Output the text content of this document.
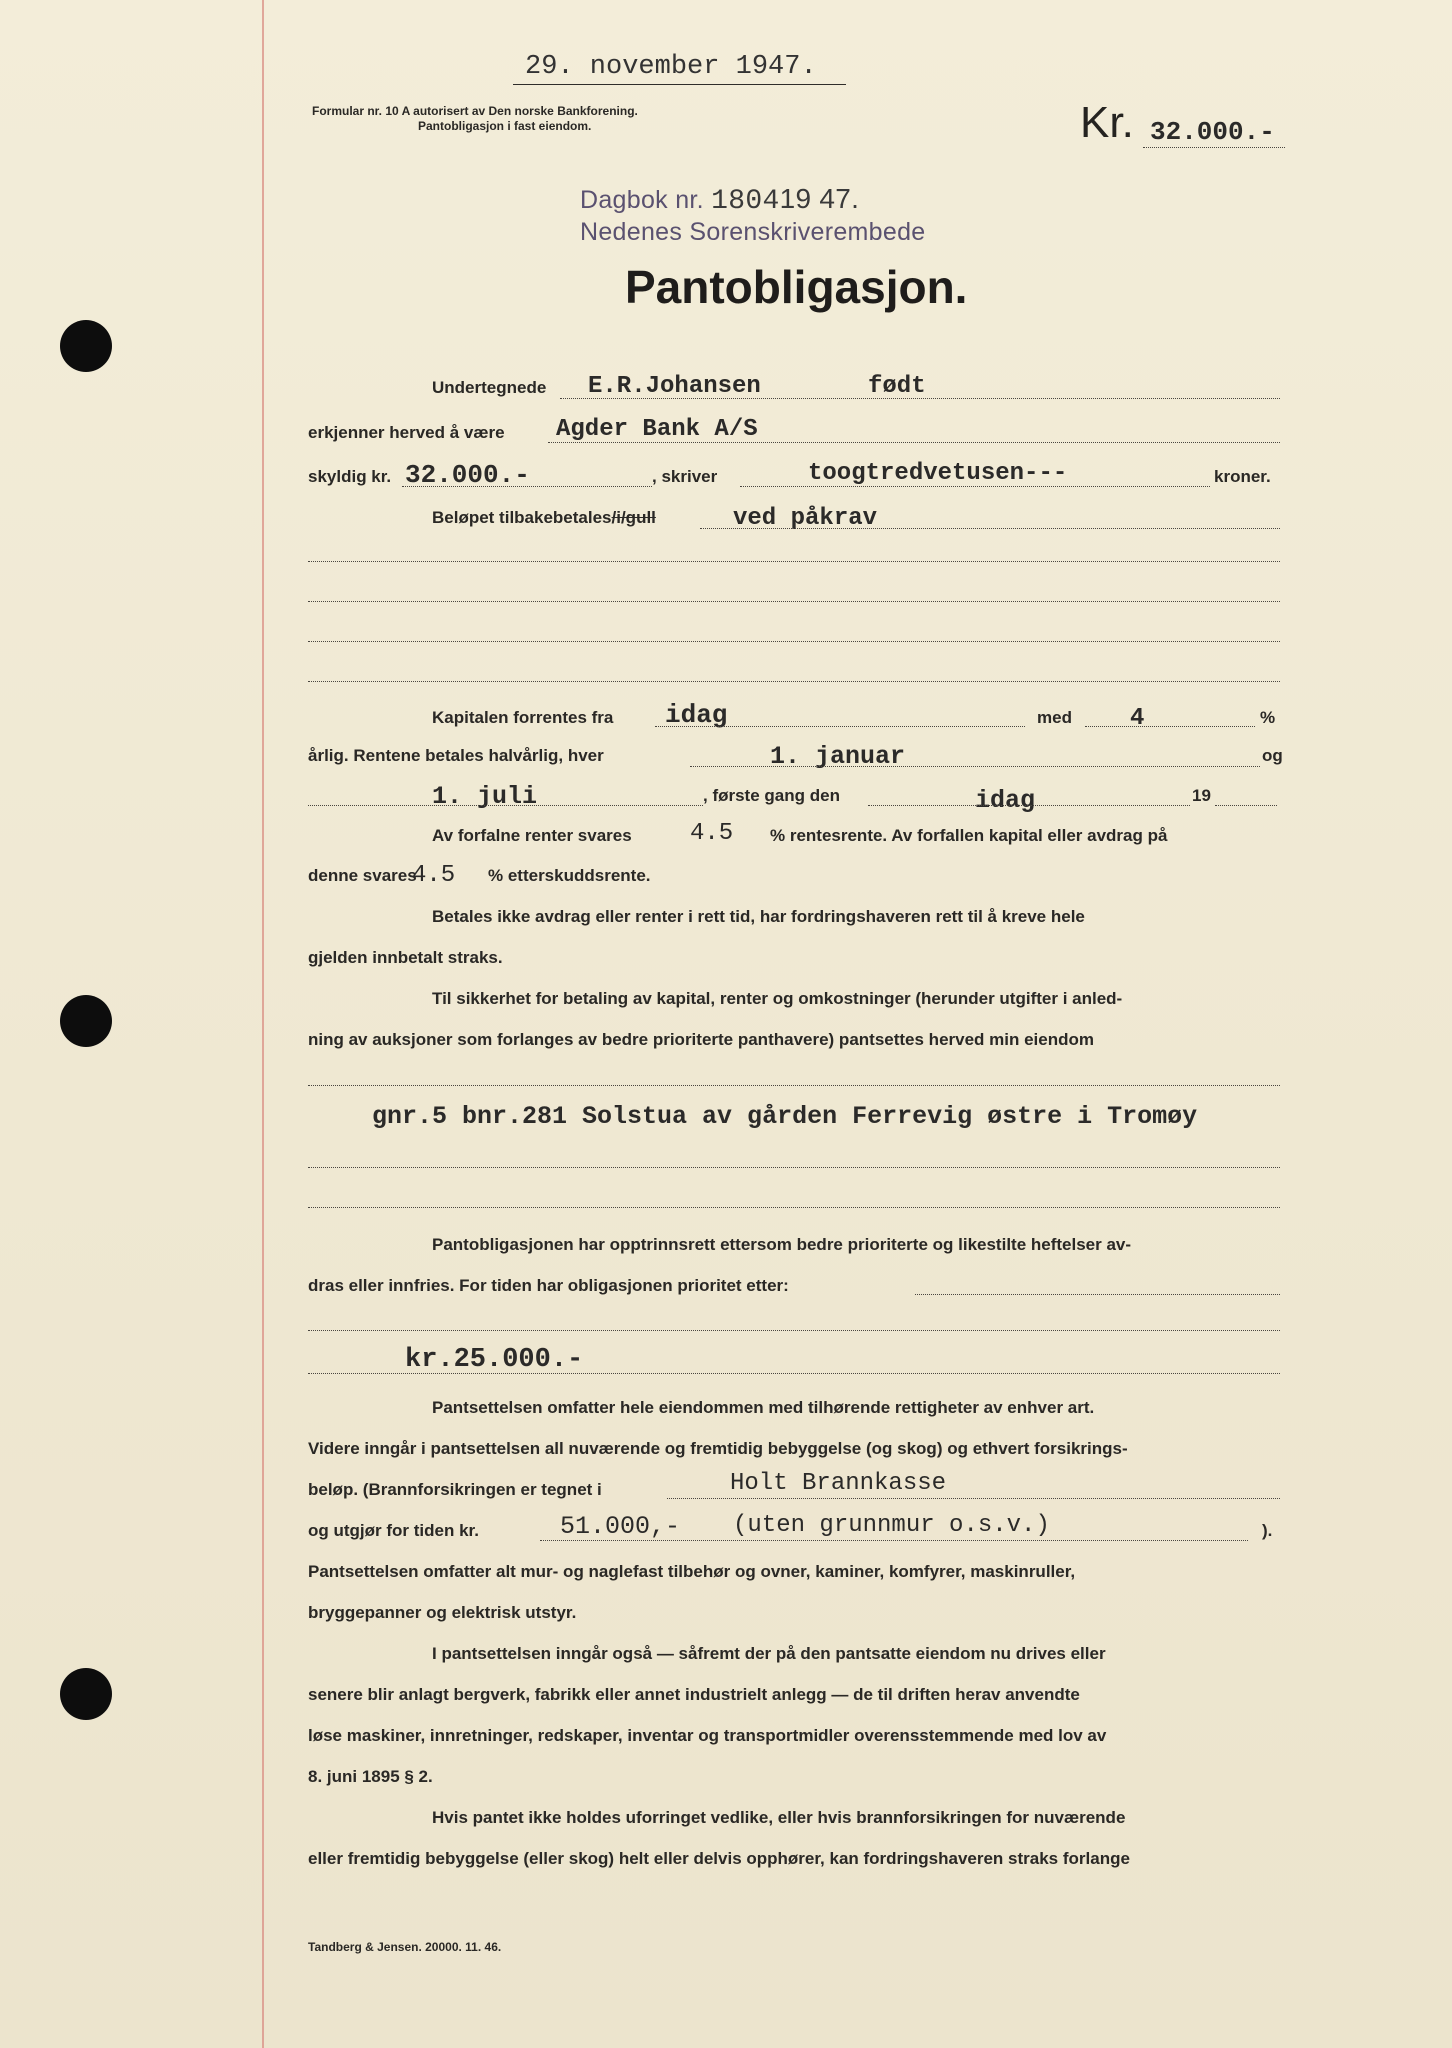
29. november 1947.
Formular nr. 10 A autorisert av Den norske Bankforening.
Pantobligasjon i fast eiendom.	Kr. 32.000.-
Dagbok nr. 180419 47.
Nedenes Sorenskriverembede
Pantobligasjon.
Undertegnede E.R.Johansen	født
erkjenner herved å være Agder Bank A/S
skyldig kr. 32.000.-	, skriver	toogtredvetusen---	kroner.
Beløpet tilbakebetales/i/gull	ved påkrav
Kapitalen forrentes fra idag	med 4	%
årlig. Rentene betales halvårlig, hver	1. januar	og
1. juli	, første gang den	idag	19
Av forfalne renter svares 4.5 % rentesrente. Av forfallen kapital eller avdrag på
denne svares
4.5 % etterskuddsrente.
Betales ikke avdrag eller renter i rett tid, har fordringshaveren rett til å kreve hele
gjelden innbetalt straks.
Til sikkerhet for betaling av kapital, renter og omkostninger (herunder utgifter i anled-
ning av auksjoner som forlanges av bedre prioriterte panthavere) pantsettes herved min eiendom
gnr.5 bnr.281 Solstua av gården Ferrevig østre i Tromøy
Pantobligasjonen har opptrinnsrett ettersom bedre prioriterte og likestilte heftelser av-
dras eller innfries. For tiden har obligasjonen prioritet etter:
kr.25.000.-
Pantsettelsen omfatter hele eiendommen med tilhørende rettigheter av enhver art.
Videre inngår i pantsettelsen all nuværende og fremtidig bebyggelse (og skog) og ethvert forsikrings-
beløp. (Brannforsikringen er tegnet i	Holt Brannkasse
og utgjør for tiden kr.	51.000,- (uten grunnmur o.s.v.)	).
Pantsettelsen omfatter alt mur- og naglefast tilbehør og ovner, kaminer, komfyrer, maskinruller,
bryggepanner og elektrisk utstyr.
I pantsettelsen inngår også — såfremt der på den pantsatte eiendom nu drives eller
senere blir anlagt bergverk, fabrikk eller annet industrielt anlegg — de til driften herav anvendte
løse maskiner, innretninger, redskaper, inventar og transportmidler overensstemmende med lov av
8. juni 1895 § 2.
Hvis pantet ikke holdes uforringet vedlike, eller hvis brannforsikringen for nuværende
eller fremtidig bebyggelse (eller skog) helt eller delvis opphører, kan fordringshaveren straks forlange
Tandberg & Jensen. 20000. 11. 46.
